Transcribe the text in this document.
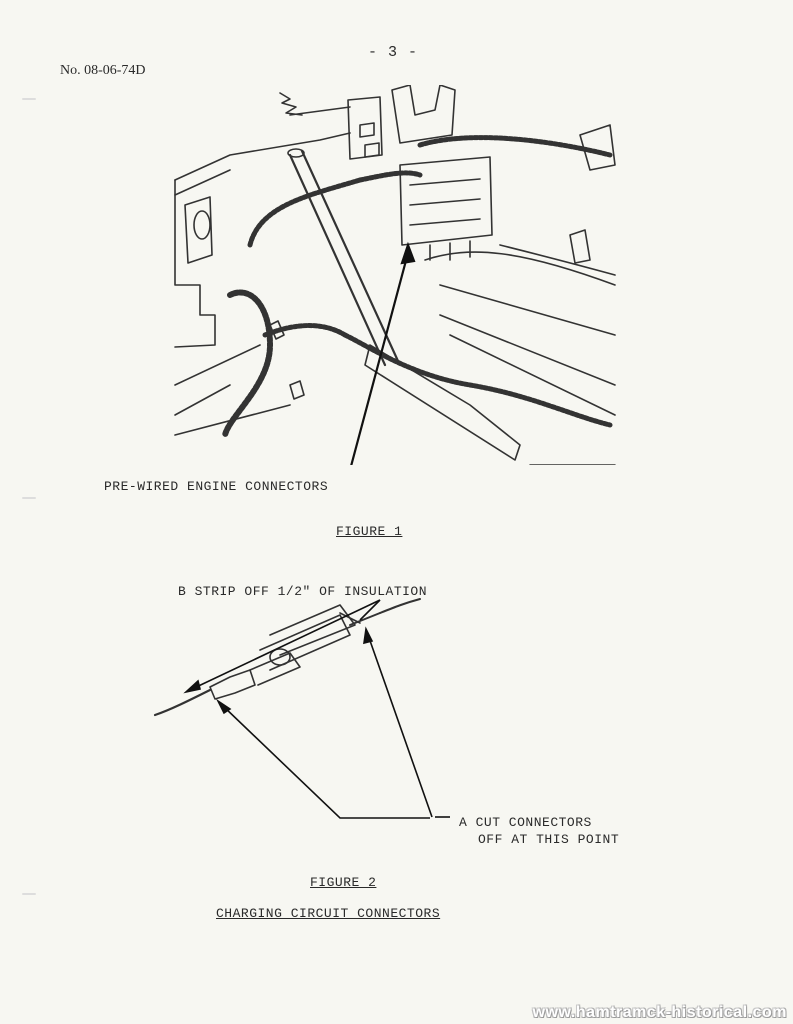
- 3 -
No. 08-06-74D
PRE-WIRED ENGINE CONNECTORS
FIGURE 1
B STRIP OFF 1/2" OF INSULATION
A CUT CONNECTORS
OFF AT THIS POINT
FIGURE 2
CHARGING CIRCUIT CONNECTORS
www.hamtramck-historical.com
